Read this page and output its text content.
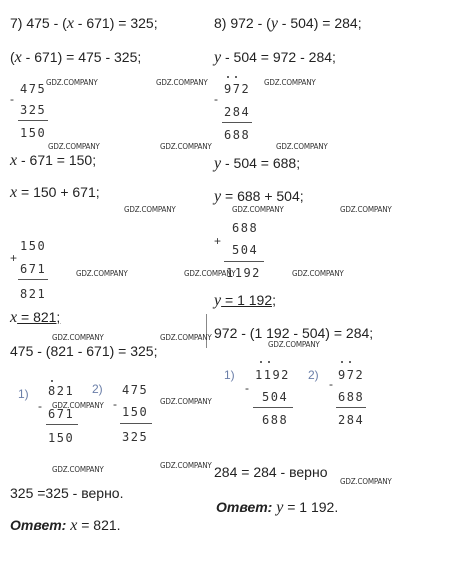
7) 475 - (x - 671) = 325;
(x - 671) = 475 - 325;
-
475
325
150
x - 671 = 150;
x = 150 + 671;
+
150
671
821
x = 821;
475 - (821 - 671) = 325;
1)
-
821
671
150
2)
-
475
150
325
325 =325 - верно.
Ответ: x = 821.
8) 972 - (y - 504) = 284;
y - 504 = 972 - 284;
-
972
284
688
y - 504 = 688;
y = 688 + 504;
+
688
504
1192
y = 1 192;
972 - (1 192 - 504) = 284;
1)
-
1192
504
688
2)
-
972
688
284
284 = 284 - верно
Ответ: y = 1 192.
GDZ.COMPANY	GDZ.COMPANY	GDZ.COMPANY
GDZ.COMPANY	GDZ.COMPANY	GDZ.COMPANY
GDZ.COMPANY	GDZ.COMPANY	GDZ.COMPANY
GDZ.COMPANY	GDZ.COMPANY	GDZ.COMPANY
GDZ.COMPANY	GDZ.COMPANY
GDZ.COMPANY
GDZ.COMPANY	GDZ.COMPANY
GDZ.COMPANY	GDZ.COMPANY
GDZ.COMPANY
